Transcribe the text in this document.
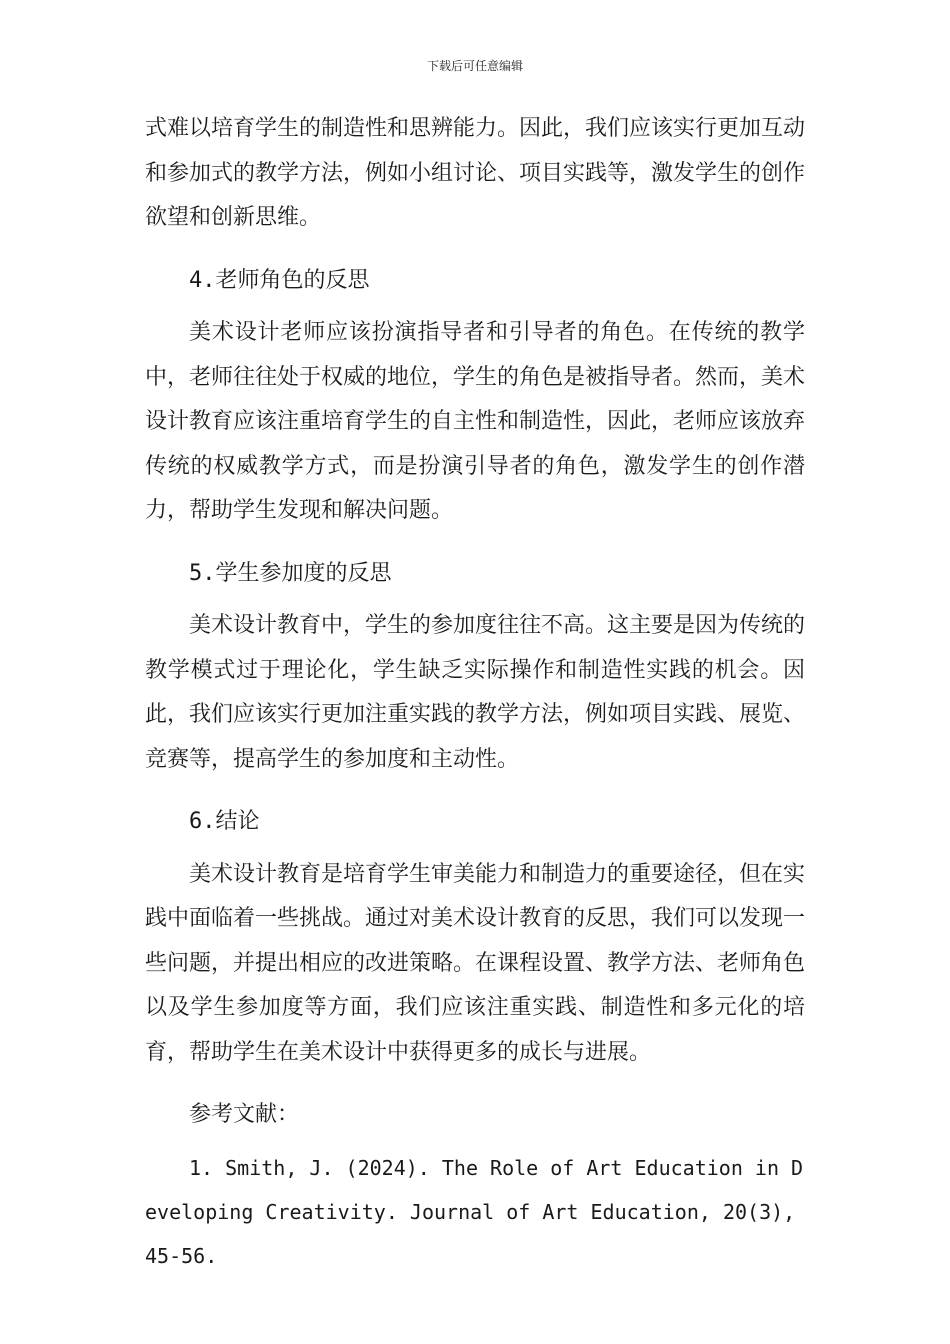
下载后可任意编辑

式难以培育学生的制造性和思辨能力。因此，我们应该实行更加互动和参加式的教学方法，例如小组讨论、项目实践等，激发学生的创作欲望和创新思维。

4.老师角色的反思

美术设计老师应该扮演指导者和引导者的角色。在传统的教学中，老师往往处于权威的地位，学生的角色是被指导者。然而，美术设计教育应该注重培育学生的自主性和制造性，因此，老师应该放弃传统的权威教学方式，而是扮演引导者的角色，激发学生的创作潜力，帮助学生发现和解决问题。

5.学生参加度的反思

美术设计教育中，学生的参加度往往不高。这主要是因为传统的教学模式过于理论化，学生缺乏实际操作和制造性实践的机会。因此，我们应该实行更加注重实践的教学方法，例如项目实践、展览、竞赛等，提高学生的参加度和主动性。

6.结论

美术设计教育是培育学生审美能力和制造力的重要途径，但在实践中面临着一些挑战。通过对美术设计教育的反思，我们可以发现一些问题，并提出相应的改进策略。在课程设置、教学方法、老师角色以及学生参加度等方面，我们应该注重实践、制造性和多元化的培育，帮助学生在美术设计中获得更多的成长与进展。

参考文献：

1. Smith, J. (2024). The Role of Art Education in Developing Creativity. Journal of Art Education, 20(3), 45-56.
